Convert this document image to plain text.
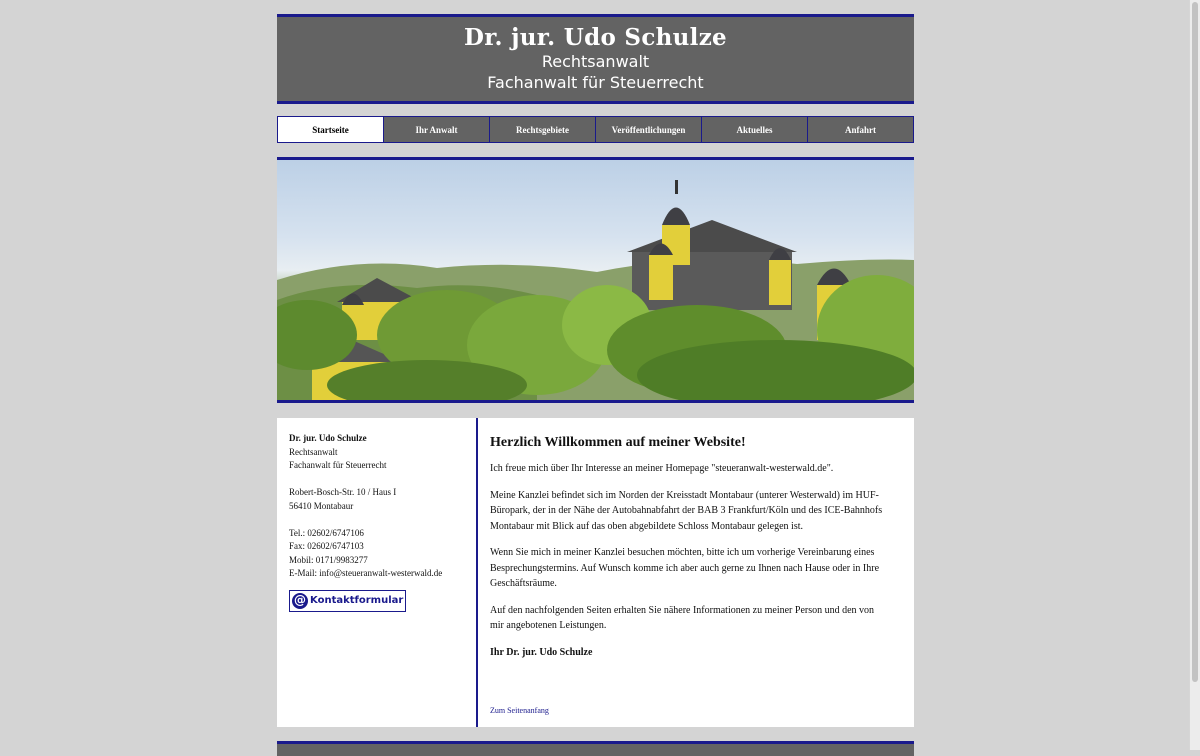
Dr. jur. Udo Schulze
Rechtsanwalt
Fachanwalt für Steuerrecht
Startseite	Ihr Anwalt	Rechtsgebiete	Veröffentlichungen	Aktuelles	Anfahrt
Dr. jur. Udo Schulze
Rechtsanwalt
Fachanwalt für Steuerrecht
Robert-Bosch-Str. 10 / Haus I
56410 Montabaur
Tel.: 02602/6747106
Fax: 02602/6747103
Mobil: 0171/9983277
E-Mail: info@steueranwalt-westerwald.de
@ Kontaktformular
Herzlich Willkommen auf meiner Website!

Ich freue mich über Ihr Interesse an meiner Homepage "steueranwalt-westerwald.de".

Meine Kanzlei befindet sich im Norden der Kreisstadt Montabaur (unterer Westerwald) im HUF-Büropark, der in der Nähe der Autobahnabfahrt der BAB 3 Frankfurt/Köln und des ICE-Bahnhofs Montabaur mit Blick auf das oben abgebildete Schloss Montabaur gelegen ist.

Wenn Sie mich in meiner Kanzlei besuchen möchten, bitte ich um vorherige Vereinbarung eines Besprechungstermins. Auf Wunsch komme ich aber auch gerne zu Ihnen nach Hause oder in Ihre Geschäftsräume.

Auf den nachfolgenden Seiten erhalten Sie nähere Informationen zu meiner Person und den von mir angebotenen Leistungen.

Ihr Dr. jur. Udo Schulze

Zum Seitenanfang
